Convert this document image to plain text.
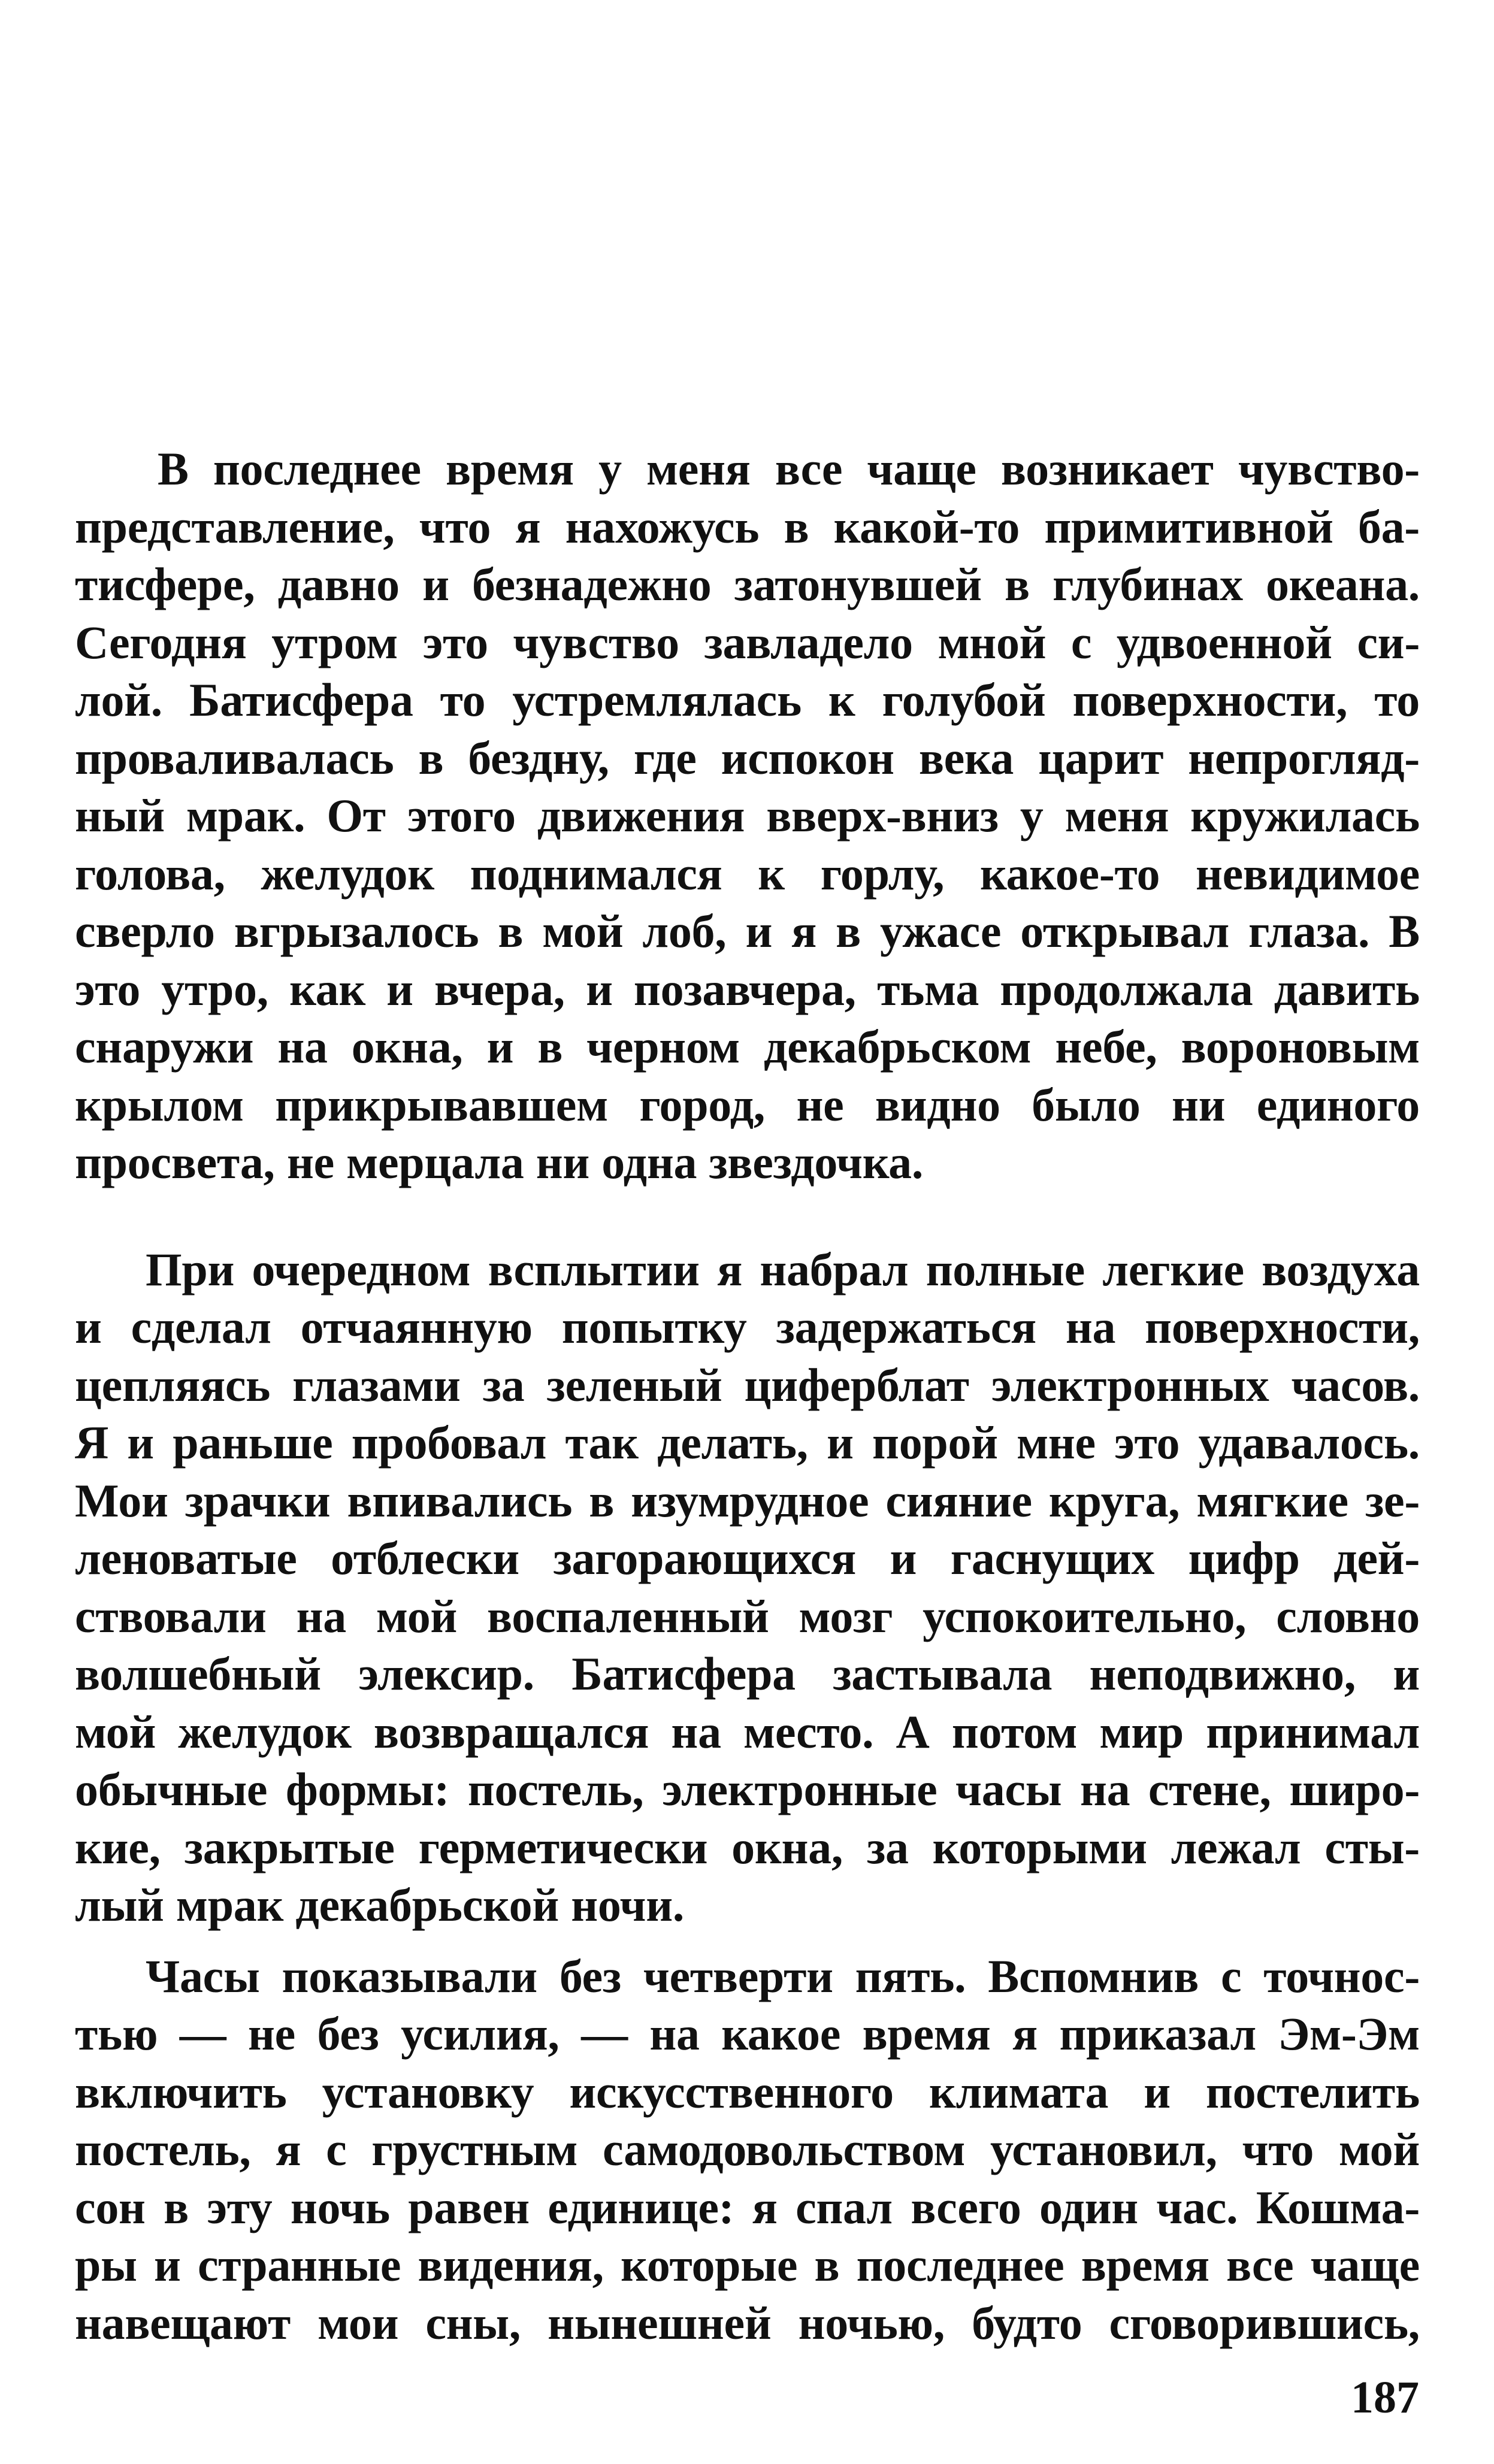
В последнее время у меня все чаще возникает чувство-
представление, что я нахожусь в какой-то примитивной ба-
тисфере, давно и безнадежно затонувшей в глубинах океана.
Сегодня утром это чувство завладело мной с удвоенной си-
лой. Батисфера то устремлялась к голубой поверхности, то
проваливалась в бездну, где испокон века царит непрогляд-
ный мрак. От этого движения вверх-вниз у меня кружилась
голова, желудок поднимался к горлу, какое-то невидимое
сверло вгрызалось в мой лоб, и я в ужасе открывал глаза. В
это утро, как и вчера, и позавчера, тьма продолжала давить
снаружи на окна, и в черном декабрьском небе, вороновым
крылом прикрывавшем город, не видно было ни единого
просвета, не мерцала ни одна звездочка.

При очередном всплытии я набрал полные легкие воздуха
и сделал отчаянную попытку задержаться на поверхности,
цепляясь глазами за зеленый циферблат электронных часов.
Я и раньше пробовал так делать, и порой мне это удавалось.
Мои зрачки впивались в изумрудное сияние круга, мягкие зе-
леноватые отблески загорающихся и гаснущих цифр дей-
ствовали на мой воспаленный мозг успокоительно, словно
волшебный элексир. Батисфера застывала неподвижно, и
мой желудок возвращался на место. А потом мир принимал
обычные формы: постель, электронные часы на стене, широ-
кие, закрытые герметически окна, за которыми лежал сты-
лый мрак декабрьской ночи.

Часы показывали без четверти пять. Вспомнив с точнос-
тью — не без усилия, — на какое время я приказал Эм-Эм
включить установку искусственного климата и постелить
постель, я с грустным самодовольством установил, что мой
сон в эту ночь равен единице: я спал всего один час. Кошма-
ры и странные видения, которые в последнее время все чаще
навещают мои сны, нынешней ночью, будто сговорившись,

187
